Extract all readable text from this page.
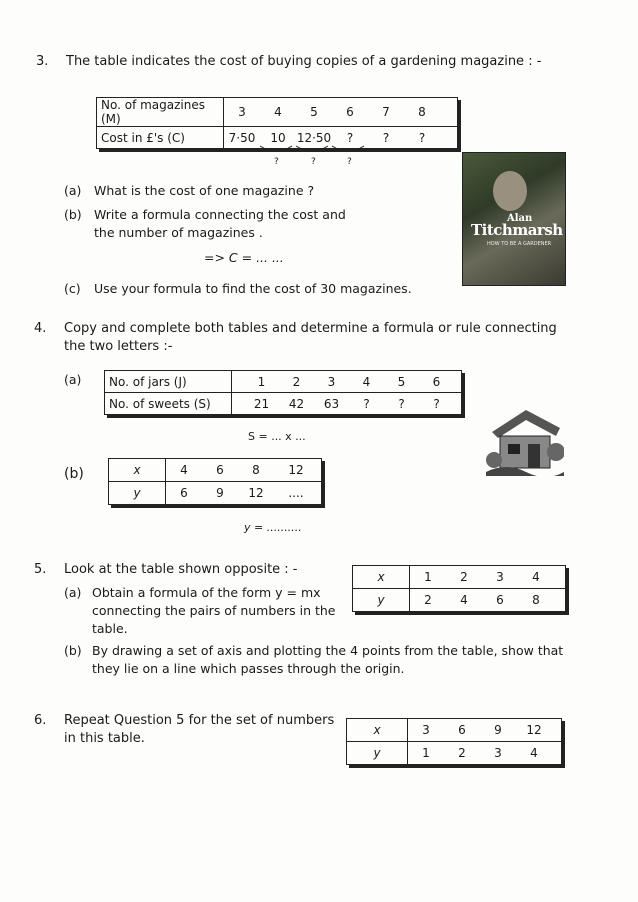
3. The table indicates the cost of buying copies of a gardening magazine : -
No. of magazines (M)	3 4 5 6 7 8
Cost in £'s (C)	7·50 10 12·50 ? ? ?
?	?	?
(a) What is the cost of one magazine ?
(b) Write a formula connecting the cost and
the number of magazines .
=> C = ... ...
(c) Use your formula to find the cost of 30 magazines.
Alan
Titchmarsh
HOW TO BE A GARDENER
4. Copy and complete both tables and determine a formula or rule connecting
the two letters :-
(a) No. of jars (J)	1 2 3 4 5 6
No. of sweets (S)	21 42 63 ? ? ?
S = ... x ...
(b)	x	4 6 8 12
y	6 9 12 ....
y = ..........
5. Look at the table shown opposite : -
(a) Obtain a formula of the form y = mx
connecting the pairs of numbers in the
table.
(b) By drawing a set of axis and plotting the 4 points from the table, show that
they lie on a line which passes through the origin.
x	1 2 3 4
y	2 4 6 8
6. Repeat Question 5 for the set of numbers
in this table.
x	3 6 9 12
y	1 2 3 4
